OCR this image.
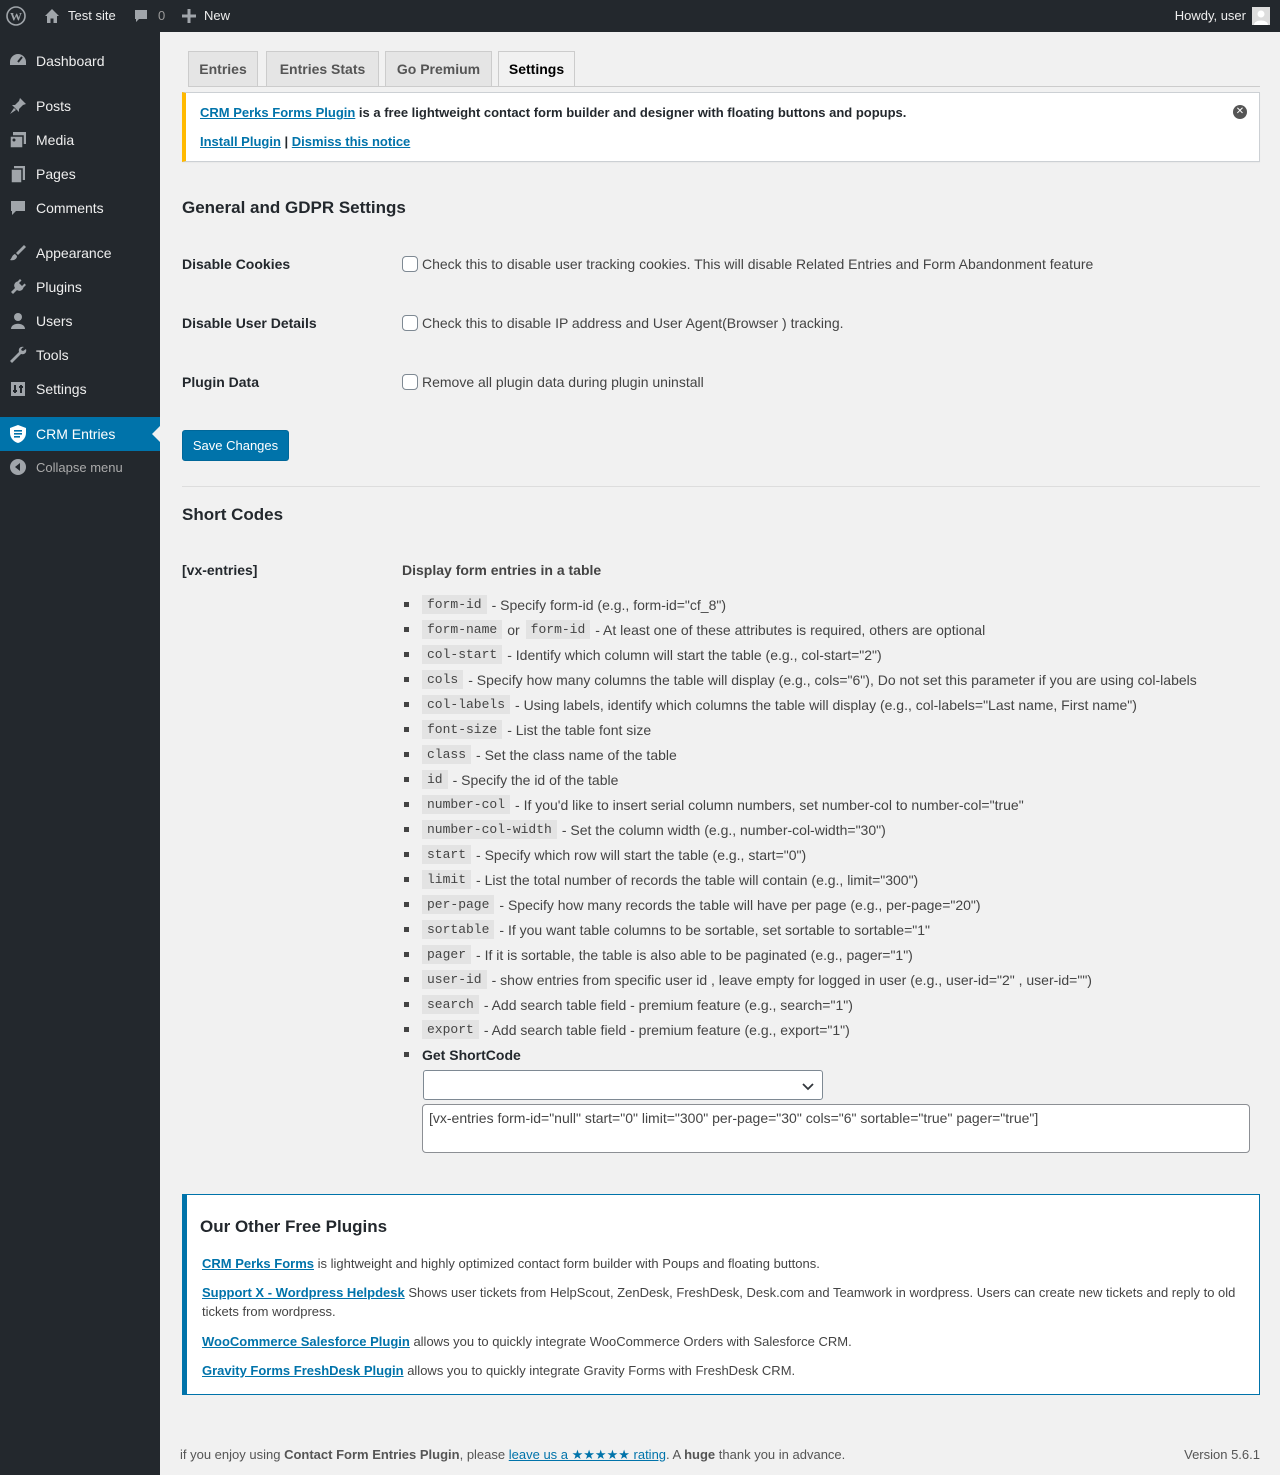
W	Test site	0	New	Howdy, user
Dashboard
Posts
Media
Pages
Comments
Appearance
Plugins
Users
Tools
Settings
CRM Entries
Collapse menu
Entries	Entries Stats	Go Premium	Settings
CRM Perks Forms Plugin is a free lightweight contact form builder and designer with floating buttons and popups.
Install Plugin | Dismiss this notice
✕
General and GDPR Settings
Disable Cookies	Check this to disable user tracking cookies. This will disable Related Entries and Form Abandonment feature
Disable User Details	Check this to disable IP address and User Agent(Browser ) tracking.
Plugin Data	Remove all plugin data during plugin uninstall
Save Changes
Short Codes
[vx-entries]	Display form entries in a table
form-id - Specify form-id (e.g., form-id="cf_8")
form-name or form-id - At least one of these attributes is required, others are optional
col-start - Identify which column will start the table (e.g., col-start="2")
cols - Specify how many columns the table will display (e.g., cols="6"), Do not set this parameter if you are using col-labels
col-labels - Using labels, identify which columns the table will display (e.g., col-labels="Last name, First name")
font-size - List the table font size
class - Set the class name of the table
id - Specify the id of the table
number-col - If you'd like to insert serial column numbers, set number-col to number-col="true"
number-col-width - Set the column width (e.g., number-col-width="30")
start - Specify which row will start the table (e.g., start="0")
limit - List the total number of records the table will contain (e.g., limit="300")
per-page - Specify how many records the table will have per page (e.g., per-page="20")
sortable - If you want table columns to be sortable, set sortable to sortable="1"
pager - If it is sortable, the table is also able to be paginated (e.g., pager="1")
user-id - show entries from specific user id , leave empty for logged in user (e.g., user-id="2" , user-id="")
search - Add search table field - premium feature (e.g., search="1")
export - Add search table field - premium feature (e.g., export="1")
Get ShortCode
[vx-entries form-id="null" start="0" limit="300" per-page="30" cols="6" sortable="true" pager="true"]
Our Other Free Plugins

CRM Perks Forms is lightweight and highly optimized contact form builder with Poups and floating buttons.

Support X - Wordpress Helpdesk Shows user tickets from HelpScout, ZenDesk, FreshDesk, Desk.com and Teamwork in wordpress. Users can create new tickets and reply to old tickets from wordpress.

WooCommerce Salesforce Plugin allows you to quickly integrate WooCommerce Orders with Salesforce CRM.

Gravity Forms FreshDesk Plugin allows you to quickly integrate Gravity Forms with FreshDesk CRM.

if you enjoy using Contact Form Entries Plugin, please leave us a ★★★★★ rating. A huge thank you in advance.	Version 5.6.1
